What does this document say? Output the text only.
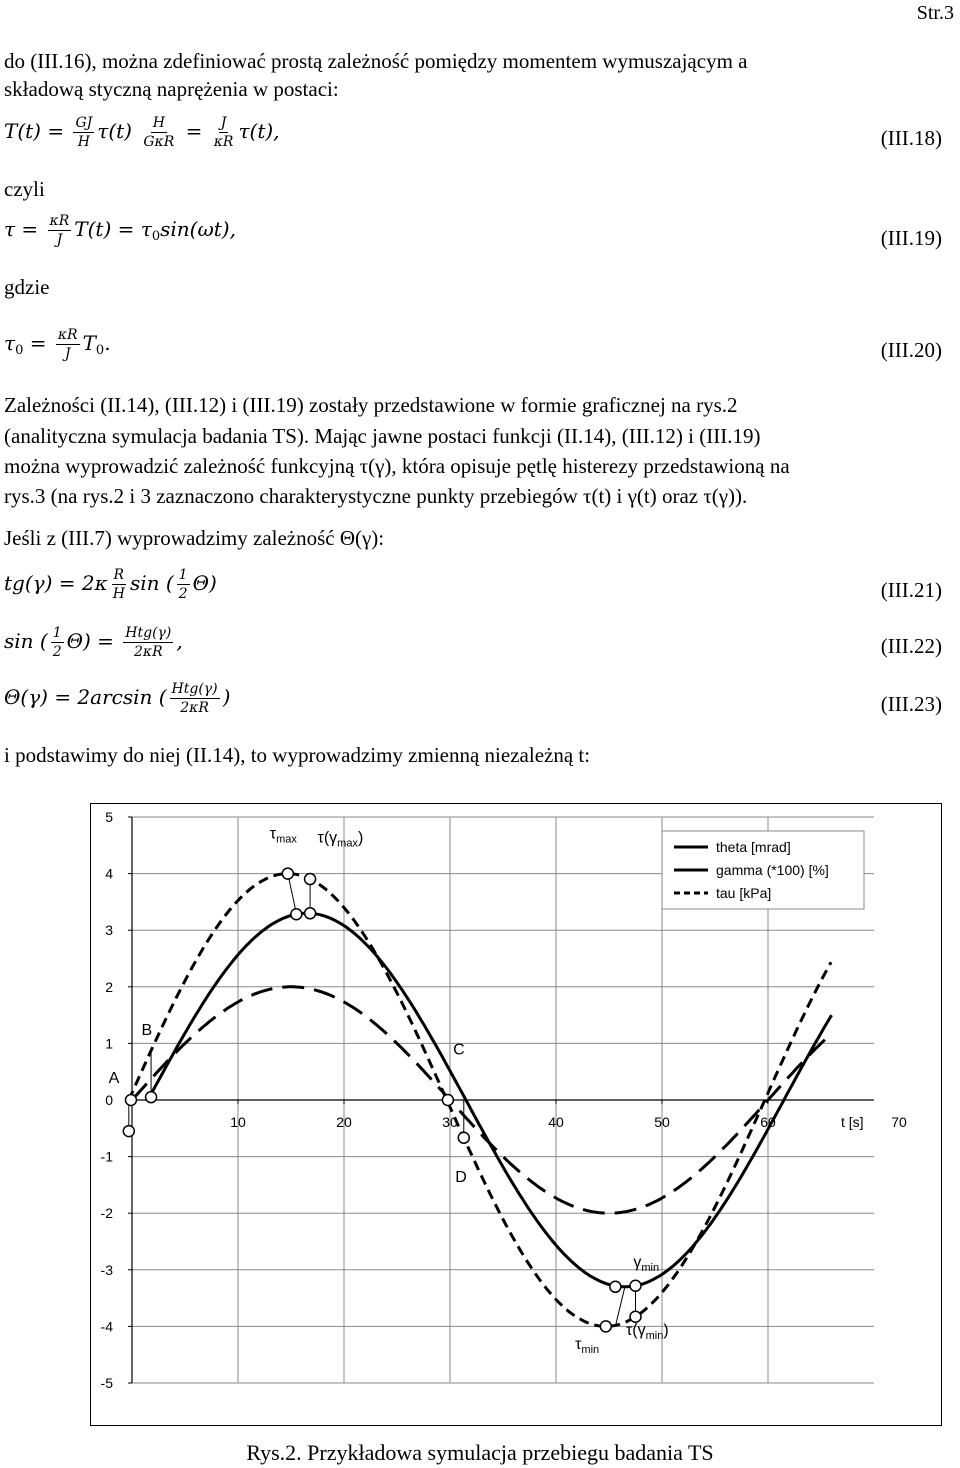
Str.3
do (III.16), można zdefiniować prostą zależność pomiędzy momentem wymuszającym a
składową styczną naprężenia w postaci:
$T(t) = \frac{GJ}{H} \tau(t) \frac{H}{\text{GκR}} = \frac{J}{\kappa R} \tau(t)$,	(III.18)
czyli
$\tau = \frac{\kappa R}{J} T(t) = \tau_0\sin(\omega t)$,	(III.19)
gdzie
$\tau_0 = \frac{\kappa R}{J} T_0$.	(III.20)
Zależności (II.14), (III.12) i (III.19) zostały przedstawione w formie graficznej na rys.2
(analityczna symulacja badania TS). Mając jawne postaci funkcji (II.14), (III.12) i (III.19)
można wyprowadzić zależność funkcyjną τ(γ), która opisuje pętlę histerezy przedstawioną na
rys.3 (na rys.2 i 3 zaznaczono charakterystyczne punkty przebiegów τ(t) i γ(t) oraz τ(γ)).
Jeśli z (III.7) wyprowadzimy zależność Θ(γ):
$tg(\gamma) = 2\kappa \frac{R}{H}$ sin ( $\frac{1}{2} \Theta$)	(III.21)
sin ( $\frac{1}{2} \Theta) = \frac{\text{Htg(γ)}}{2\kappa R}$ ,	(III.22)
Θ(γ) = 2arcsin ( $\frac{\text{Htg(γ)}}{2\kappa R}$ )	(III.23)
i podstawimy do niej (II.14), to wyprowadzimy zmienną niezależną t:
5
4
3
2
1
0
-1
-2
-3
-4
-5
10	20	30	40	50	60	t [s] 70
A
B
C
D
$\tau_{max}$ $\tau(\gamma_{max})$
$\gamma_{min}$
$\tau_{min}$
$\tau(\gamma_{min})$
theta [mrad]
gamma (*100) [%]
tau [kPa]
Rys.2. Przykładowa symulacja przebiegu badania TS
